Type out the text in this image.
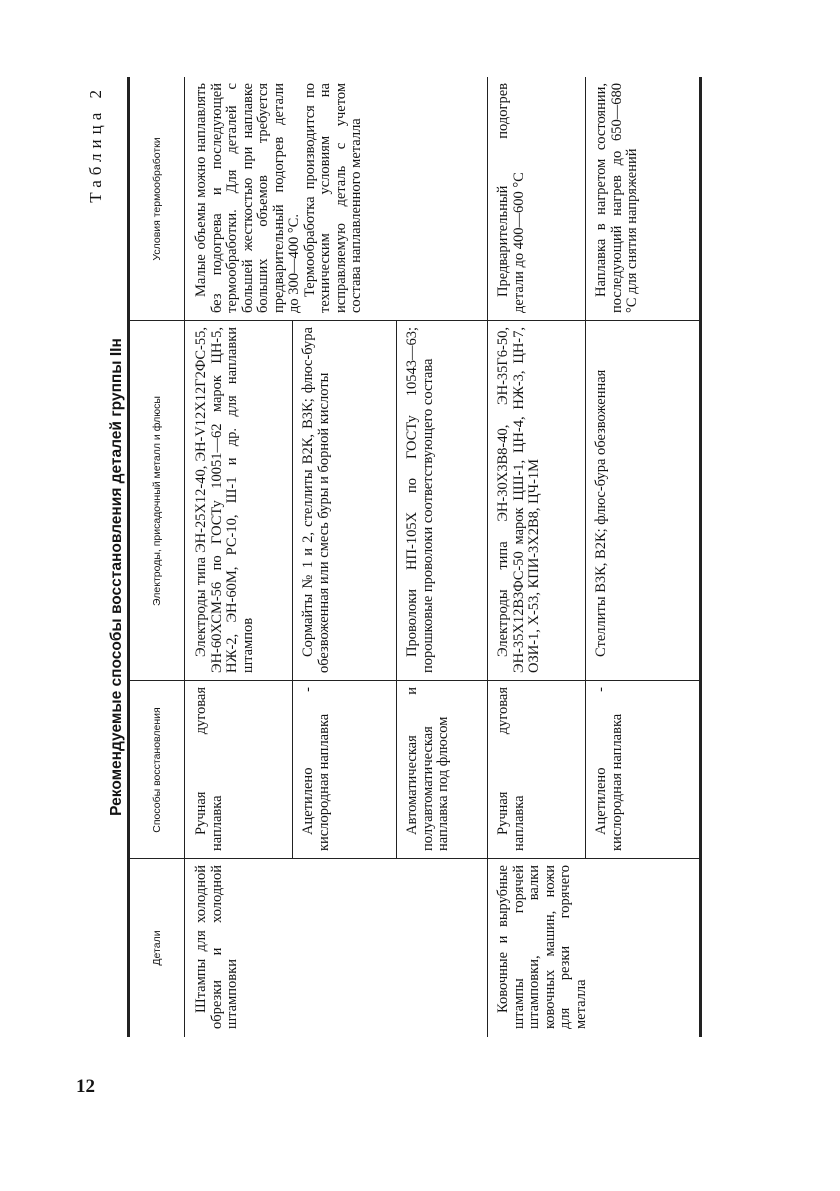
12
Таблица 2
Рекомендуемые способы восстановления деталей группы IIн
Детали
Способы восстановления
Электроды, присадочный металл и флюсы
Условия термообработки

Штампы для холодной обрезки и холодной штамповки

Ручная дуговая наплавка

Электроды типа ЭН-25Х12-40, ЭН-V12Х12Г2ФС-55, ЭН-60ХСМ-56 по ГОСТу 10051—62 марок ЦН-5, НЖ-2, ЭН-60М, РС-10, Ш-1 и др. для наплавки штампов

Ацетилено - кислородная наплавка

Сормайты № 1 и 2, стеллиты В2К, В3К; флюс-бура обезвоженная или смесь буры и борной кислоты

Автоматическая и полуавтоматическая наплавка под флюсом

Проволоки НП-105Х по ГОСТу 10543—63; порошковые проволоки соответствующего состава

Малые объемы можно наплавлять без подогрева и последующей термообработки. Для деталей с большей жесткостью при наплавке больших объемов требуется предварительный подогрев детали до 300—400 °С. Термообработка производится по техническим условиям на исправляемую деталь с учетом состава наплавленного металла

Ковочные и вырубные штампы горячей штамповки, валки ковочных машин, ножи для резки горячего металла

Ручная дуговая наплавка

Электроды типа ЭН-30Х3В8-40, ЭН-35Г6-50, ЭН-35Х12В3ФС-50 марок ЦШ-1, ЦН-4, НЖ-3, ЦН-7, ОЗИ-1, Х-53, КПИ-3Х2В8, ЦЧ-1М

Предварительный подогрев детали до 400—600 °С

Ацетилено - кислородная наплавка

Стеллиты В3К, В2К; флюс-бура обезвоженная

Наплавка в нагретом состоянии, последующий нагрев до 650—680 °С для снятия напряжений
